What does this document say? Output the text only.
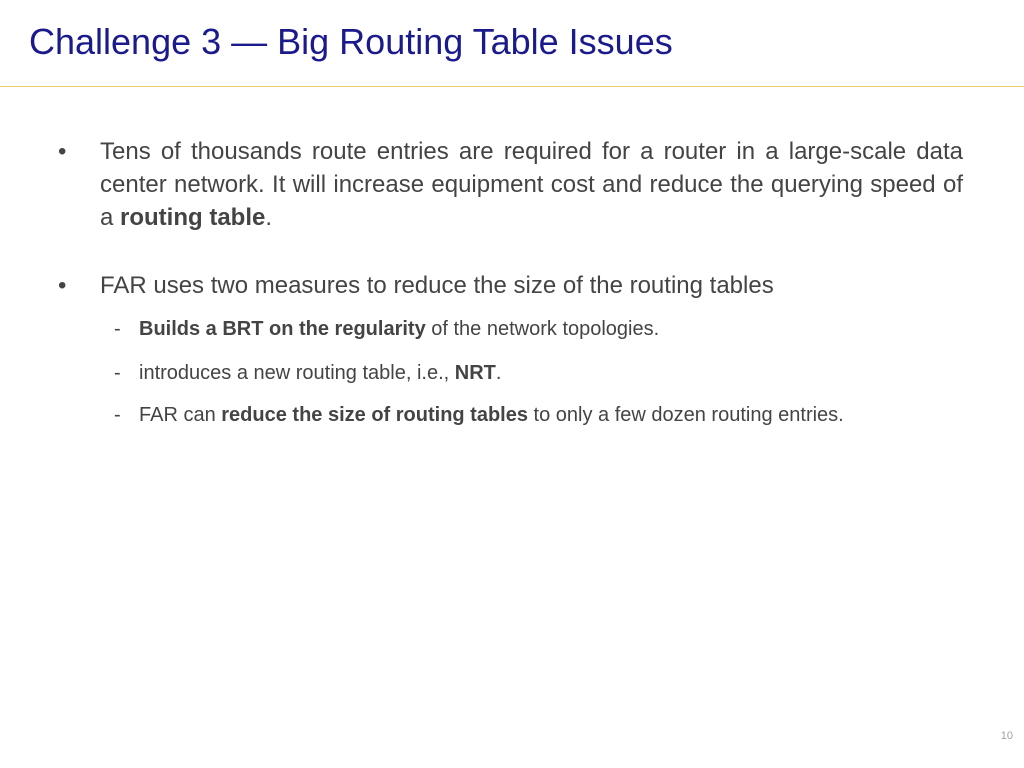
Challenge 3 — Big Routing Table Issues
• Tens of thousands route entries are required for a router in a large-scale data center network. It will increase equipment cost and reduce the querying speed of a routing table.
• FAR uses two measures to reduce the size of the routing tables
- Builds a BRT on the regularity of the network topologies.
- introduces a new routing table, i.e., NRT.
- FAR can reduce the size of routing tables to only a few dozen routing entries.
10
